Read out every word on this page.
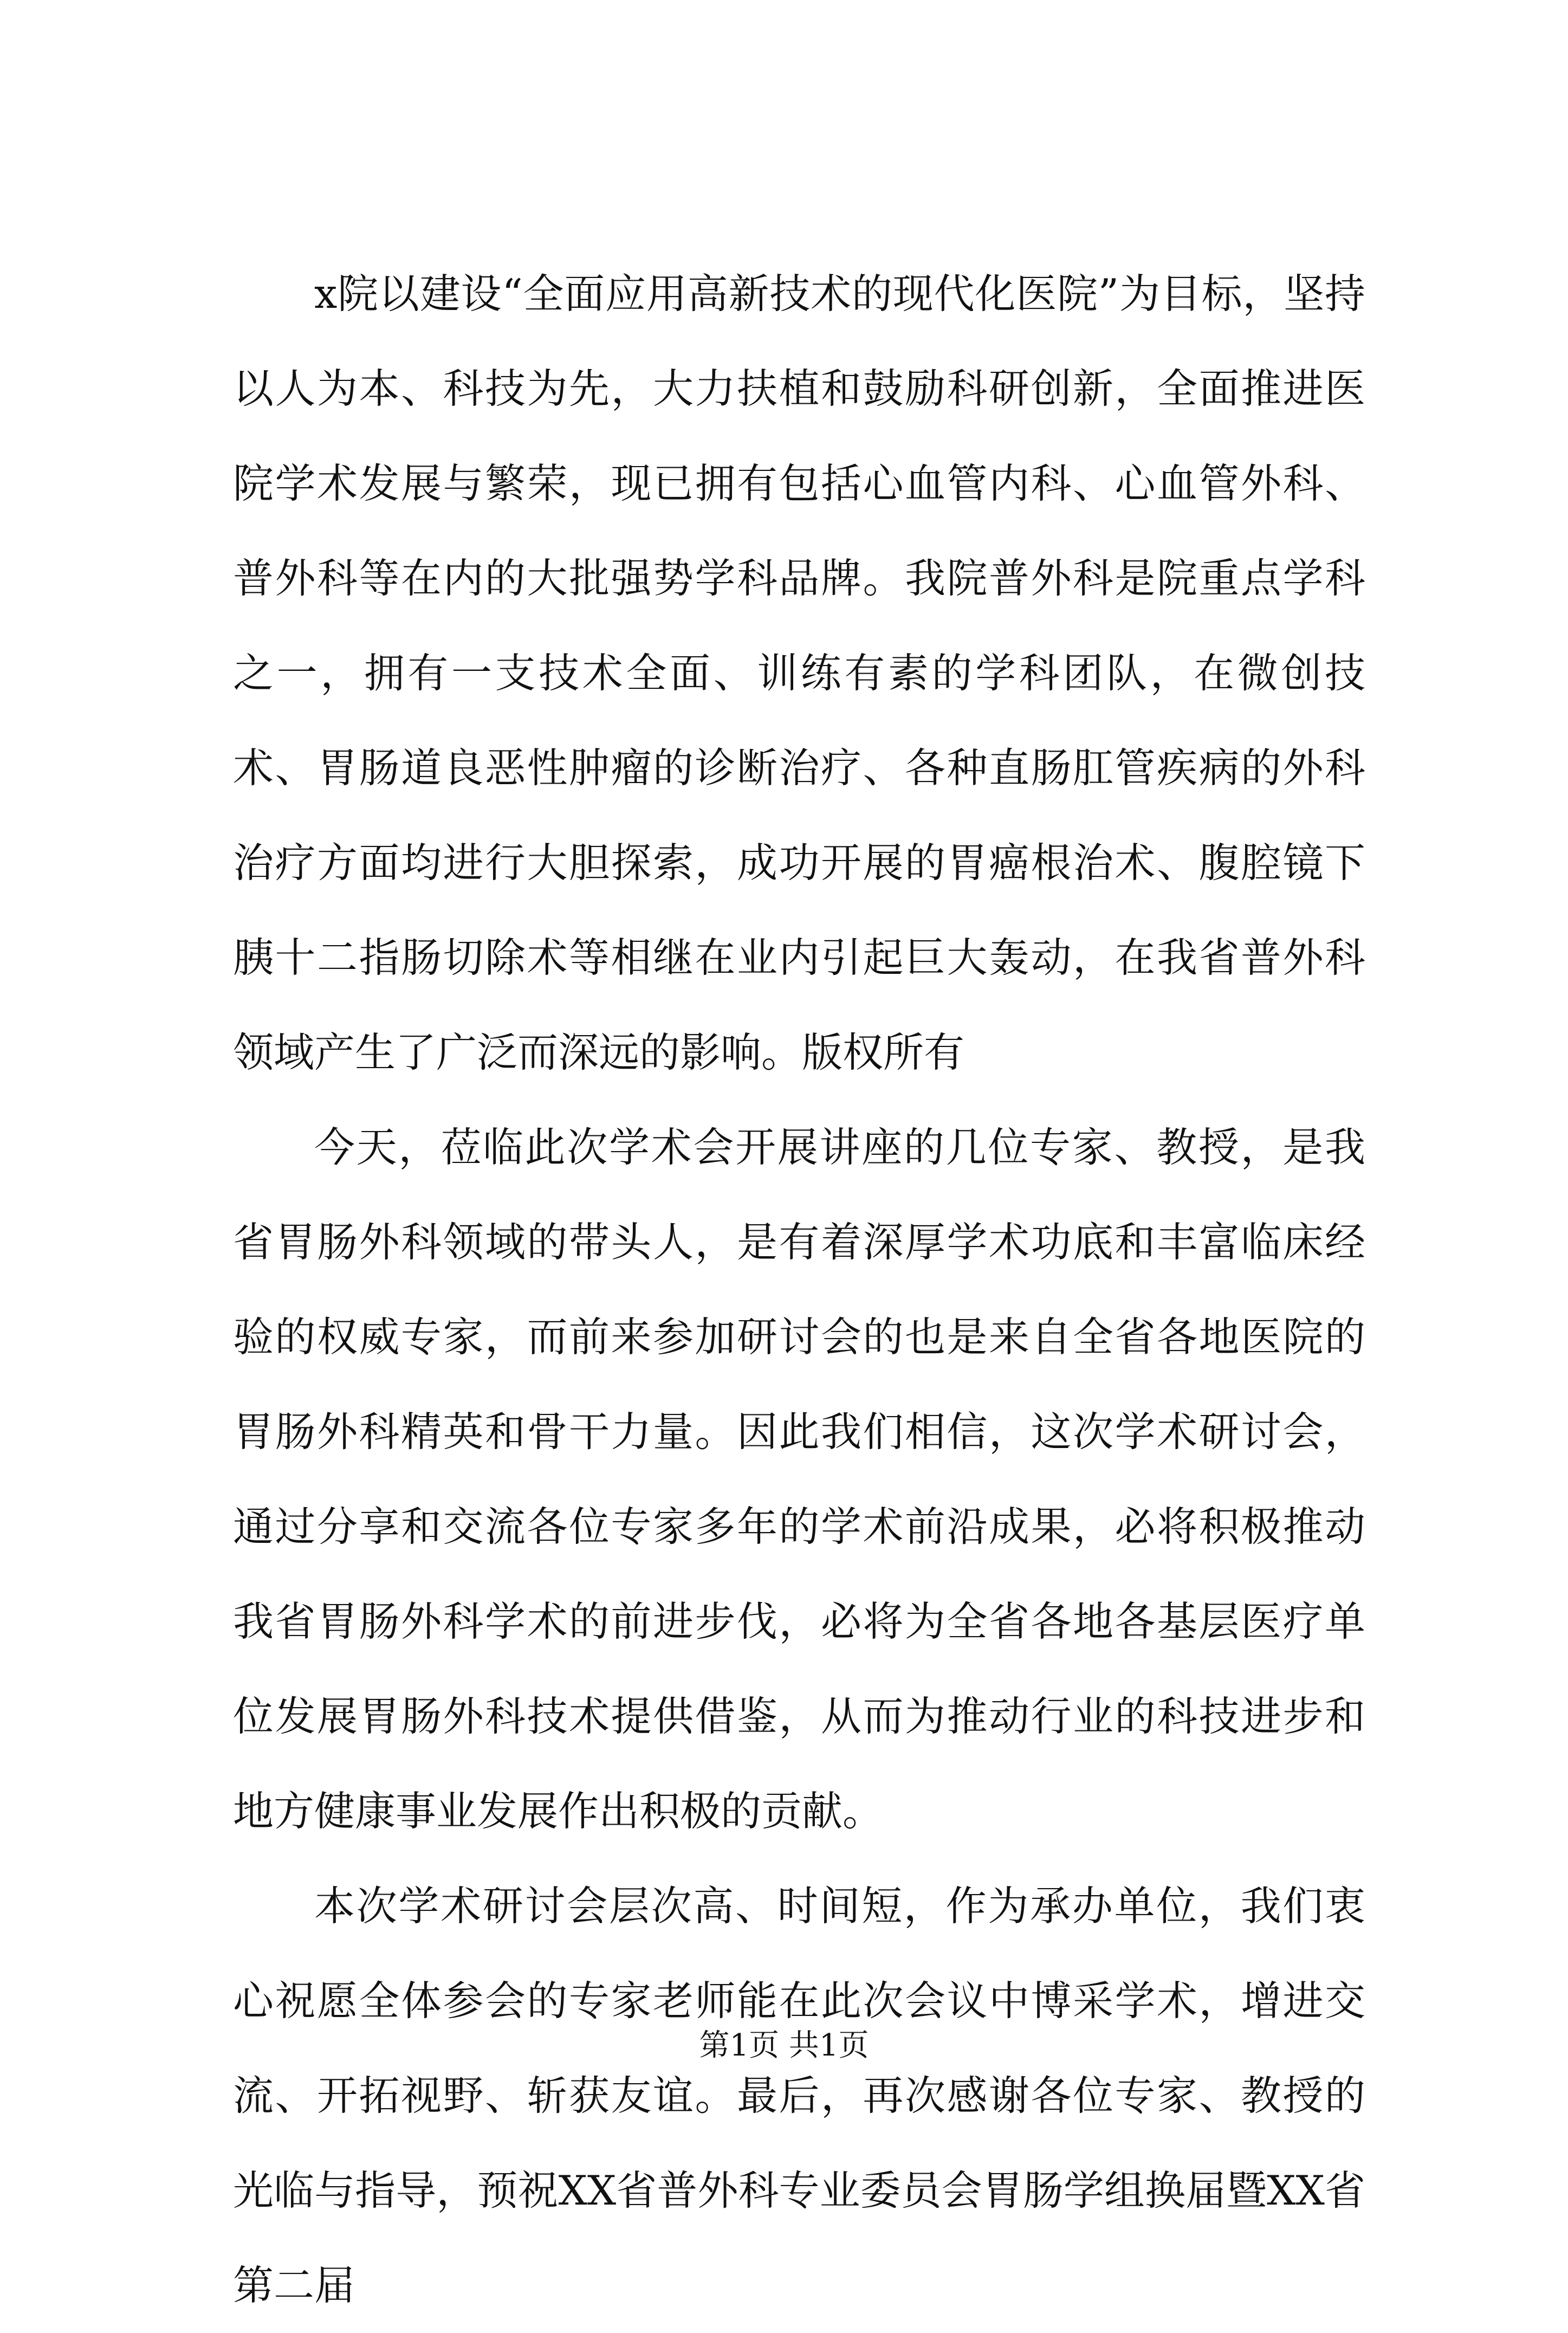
x院以建设“全面应用高新技术的现代化医院”为目标，坚持以人为本、科技为先，大力扶植和鼓励科研创新，全面推进医院学术发展与繁荣，现已拥有包括心血管内科、心血管外科、普外科等在内的大批强势学科品牌。我院普外科是院重点学科之一，拥有一支技术全面、训练有素的学科团队，在微创技术、胃肠道良恶性肿瘤的诊断治疗、各种直肠肛管疾病的外科治疗方面均进行大胆探索，成功开展的胃癌根治术、腹腔镜下胰十二指肠切除术等相继在业内引起巨大轰动，在我省普外科领域产生了广泛而深远的影响。版权所有

今天，莅临此次学术会开展讲座的几位专家、教授，是我省胃肠外科领域的带头人，是有着深厚学术功底和丰富临床经验的权威专家，而前来参加研讨会的也是来自全省各地医院的胃肠外科精英和骨干力量。因此我们相信，这次学术研讨会，通过分享和交流各位专家多年的学术前沿成果，必将积极推动我省胃肠外科学术的前进步伐，必将为全省各地各基层医疗单位发展胃肠外科技术提供借鉴，从而为推动行业的科技进步和地方健康事业发展作出积极的贡献。

本次学术研讨会层次高、时间短，作为承办单位，我们衷心祝愿全体参会的专家老师能在此次会议中博采学术，增进交流、开拓视野、斩获友谊。最后，再次感谢各位专家、教授的光临与指导，预祝XX省普外科专业委员会胃肠学组换届暨XX省第二届

第1页 共1页
